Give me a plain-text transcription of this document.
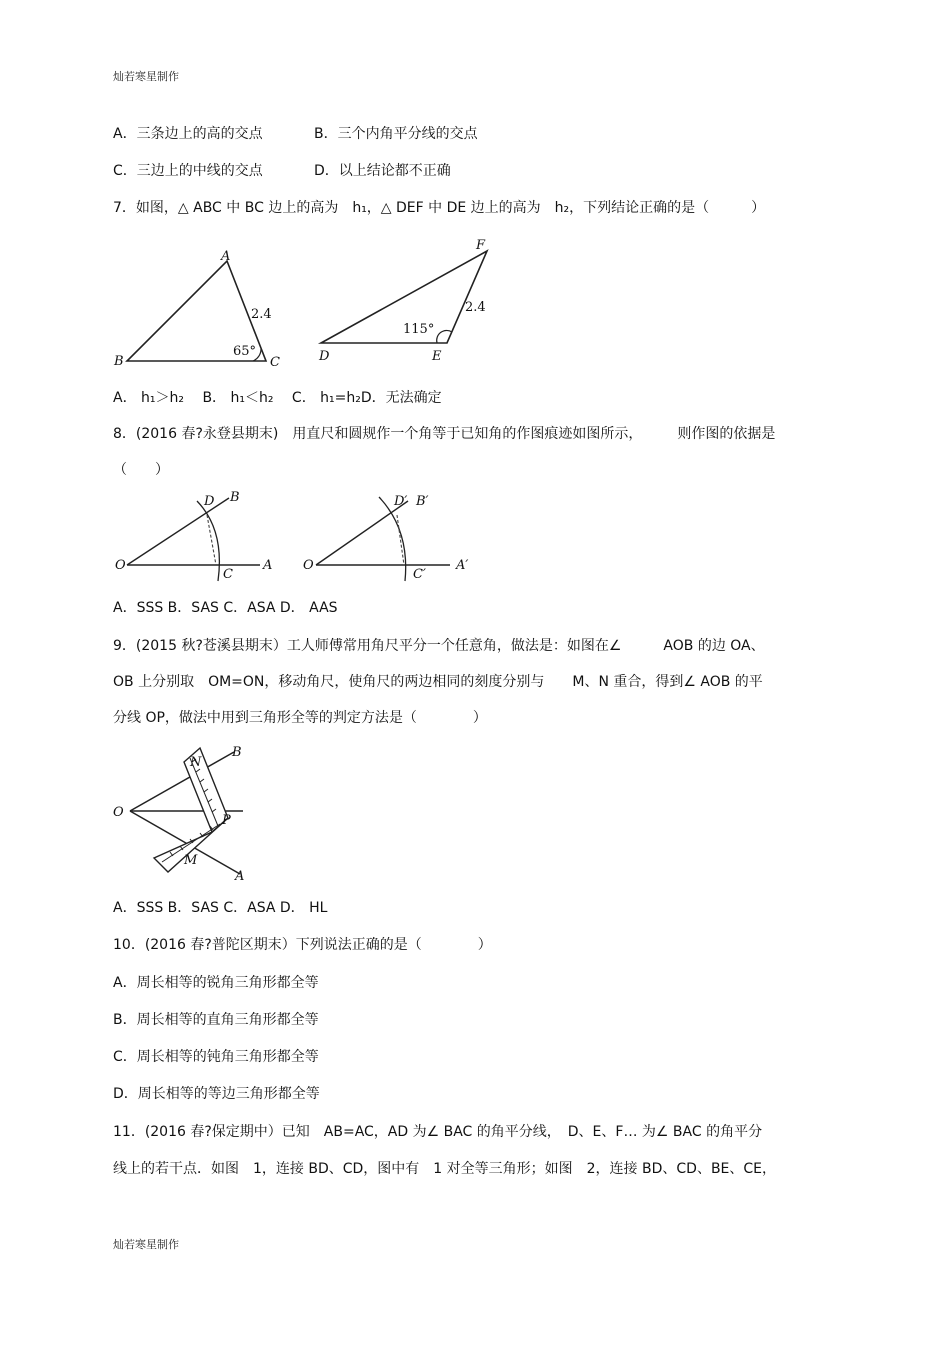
灿若寒星制作
A．三条边上的高的交点	B．三个内角平分线的交点
C．三边上的中线的交点	D．以上结论都不正确
7．如图，△ ABC 中 BC 边上的高为　h₁，△ DEF 中 DE 边上的高为　h₂，下列结论正确的是（　　　）
A
B	C
2.4
65°	D	E
F
2.4
115°
A． h₁＞h₂　 B． h₁＜h₂　 C． h₁=h₂D．无法确定
8．(2016 春?永登县期末)　用直尺和圆规作一个角等于已知角的作图痕迹如图所示，　　　则作图的依据是
（　　）
O	A
B
C
D
O	A′
B′
C′
D′
A．SSS B．SAS C．ASA D． AAS
9．(2015 秋?苍溪县期末）工人师傅常用角尺平分一个任意角，做法是：如图在∠　　　AOB 的边 OA、
OB 上分别取　OM=ON，移动角尺，使角尺的两边相同的刻度分别与　　M、N 重合，得到∠ AOB 的平
分线 OP，做法中用到三角形全等的判定方法是（　　　　）
O
B
N
P
M
A
A．SSS B．SAS C．ASA D． HL
10．(2016 春?普陀区期末）下列说法正确的是（　　　　）
A．周长相等的锐角三角形都全等
B．周长相等的直角三角形都全等
C．周长相等的钝角三角形都全等
D．周长相等的等边三角形都全等
11．(2016 春?保定期中）已知　AB=AC，AD 为∠ BAC 的角平分线，　D、E、F… 为∠ BAC 的角平分
线上的若干点．如图　1，连接 BD、CD，图中有　1 对全等三角形；如图　2，连接 BD、CD、BE、CE，
灿若寒星制作
